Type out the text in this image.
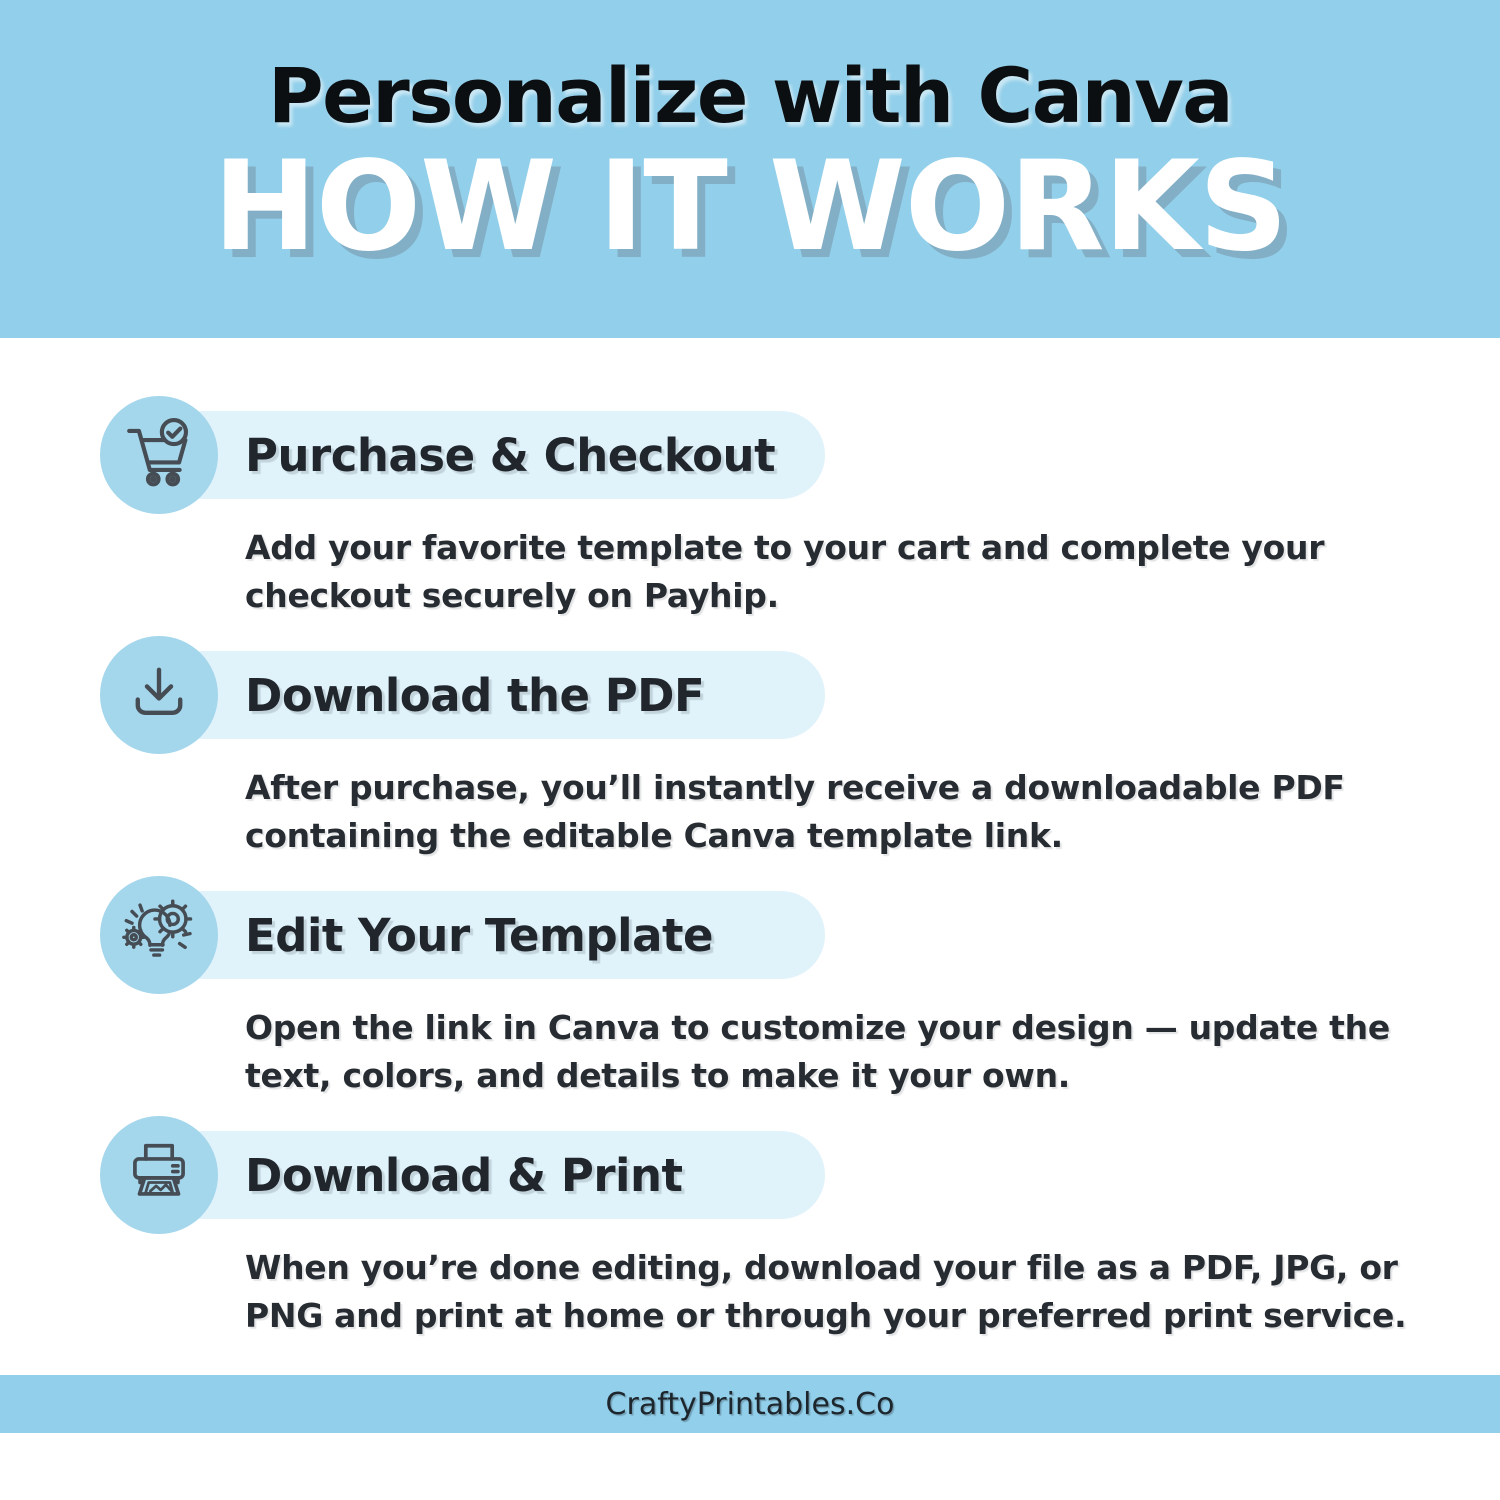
Personalize with Canva
HOW IT WORKS
Purchase & Checkout
Add your favorite template to your cart and complete your
checkout securely on Payhip.
Download the PDF
After purchase, you’ll instantly receive a downloadable PDF
containing the editable Canva template link.
Edit Your Template
Open the link in Canva to customize your design — update the
text, colors, and details to make it your own.
Download & Print
When you’re done editing, download your file as a PDF, JPG, or
PNG and print at home or through your preferred print service.
CraftyPrintables.Co
